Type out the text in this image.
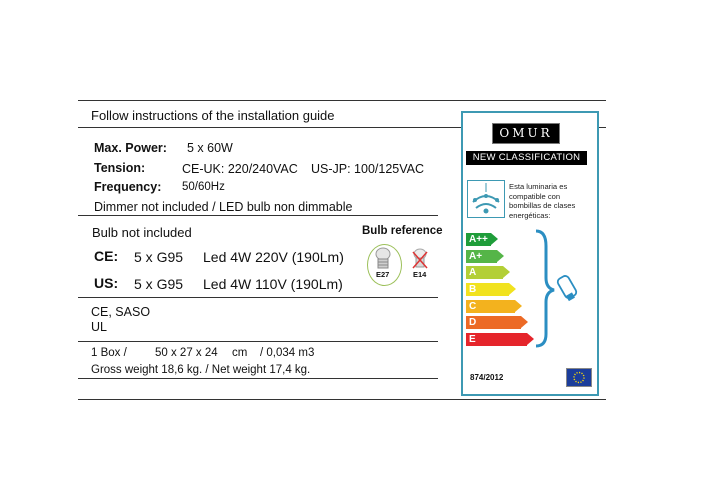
Follow instructions of the installation guide
Max. Power: 5 x 60W
Tension:	CE-UK: 220/240VAC US-JP: 100/125VAC
Frequency: 50/60Hz
Dimmer not included / LED bulb non dimmable
Bulb not included	Bulb reference
CE: 5 x G95 Led 4W 220V (190Lm)
US: 5 x G95 Led 4W 110V (190Lm)
E27	E14
CE, SASO
UL
1 Box / 50 x 27 x 24 cm / 0,034 m3
Gross weight 18,6 kg. / Net weight 17,4 kg.
OMUR
NEW CLASSIFICATION
Esta luminaria es
compatible con
bombillas de clases
energéticas:
A++
A+
A
B
C
D
E
874/2012
